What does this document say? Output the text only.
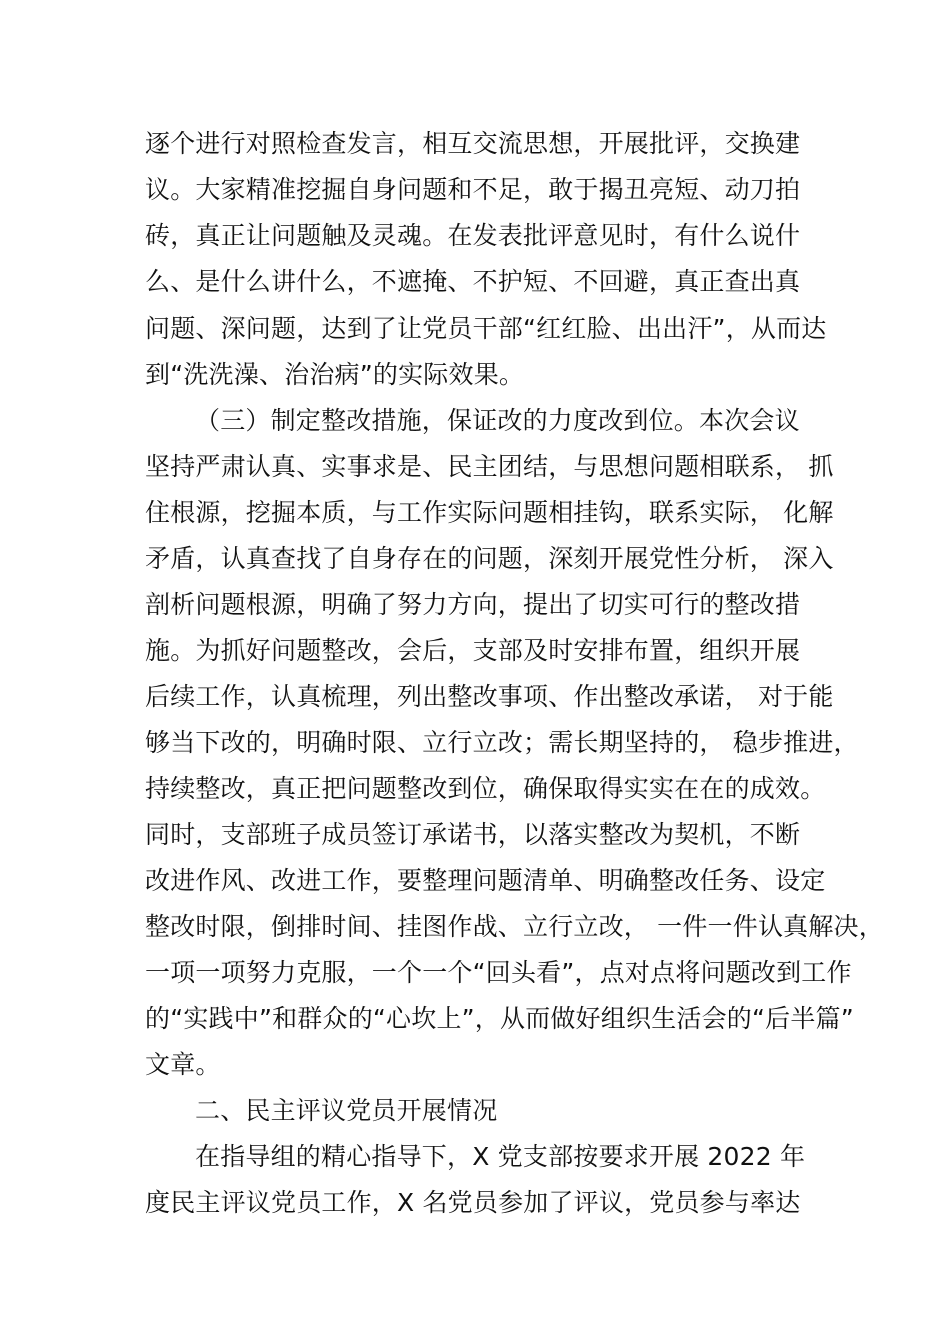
逐个进行对照检查发言，相互交流思想，开展批评，交换建
议。大家精准挖掘自身问题和不足，敢于揭丑亮短、动刀拍
砖，真正让问题触及灵魂。在发表批评意见时，有什么说什
么、是什么讲什么，不遮掩、不护短、不回避，真正查出真
问题、深问题，达到了让党员干部“红红脸、出出汗”，从而达
到“洗洗澡、治治病”的实际效果。
（三）制定整改措施，保证改的力度改到位。本次会议
坚持严肃认真、实事求是、民主团结，与思想问题相联系， 抓
住根源，挖掘本质，与工作实际问题相挂钩，联系实际， 化解
矛盾，认真查找了自身存在的问题，深刻开展党性分析， 深入
剖析问题根源，明确了努力方向，提出了切实可行的整改措
施。为抓好问题整改，会后，支部及时安排布置，组织开展
后续工作，认真梳理，列出整改事项、作出整改承诺， 对于能
够当下改的，明确时限、立行立改；需长期坚持的， 稳步推进，
持续整改，真正把问题整改到位，确保取得实实在在的成效。
同时，支部班子成员签订承诺书，以落实整改为契机，不断
改进作风、改进工作，要整理问题清单、明确整改任务、设定
整改时限，倒排时间、挂图作战、立行立改， 一件一件认真解决，
一项一项努力克服，一个一个“回头看”，点对点将问题改到工作
的“实践中”和群众的“心坎上”，从而做好组织生活会的“后半篇”
文章。
二、民主评议党员开展情况
在指导组的精心指导下，X 党支部按要求开展 2022 年
度民主评议党员工作，X 名党员参加了评议，党员参与率达
